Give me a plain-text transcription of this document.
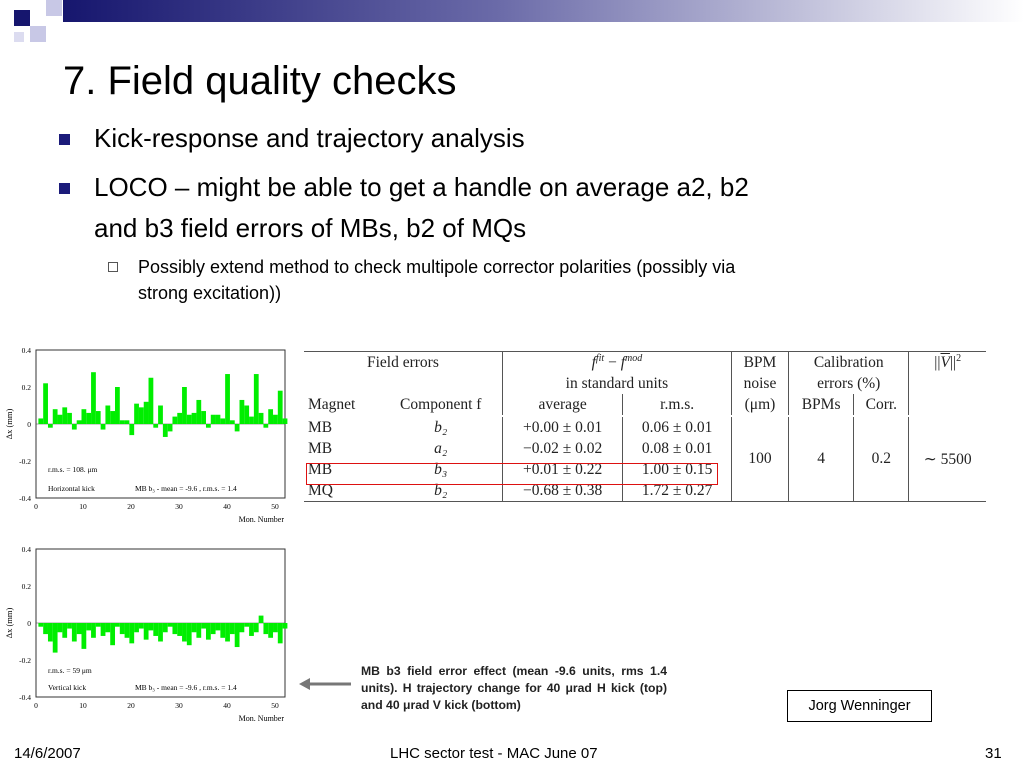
7. Field quality checks
Kick-response and trajectory analysis
LOCO – might be able to get a handle on average a2, b2
and b3 field errors of MBs, b2 of MQs
Possibly extend method to check multipole corrector polarities (possibly via
strong excitation))
Δx (mm)
0.4
0.2
0
-0.2
-0.4
0	10	20	30	40	50
Mon. Number
r.m.s. = 108. μm
Horizontal kick	MB b₃ - mean = -9.6 , r.m.s. = 1.4
Δx (mm)
0.4
0.2
0
-0.2
-0.4
0	10	20	30	40	50
Mon. Number
r.m.s. = 59 μm
Vertical kick	MB b₃ - mean = -9.6 , r.m.s. = 1.4
Field errors		$f^{fit} - f^{mod}$		BPM	Calibration		$||\overline{V}||^2$
		in standard units		noise	errors (%)		
Magnet	Component f	average	r.m.s.	(μm)	BPMs	Corr.	
MB	b₂	+0.00 ± 0.01	0.06 ± 0.01	100	4	0.2	∼ 5500
MB	a₂	−0.02 ± 0.02	0.08 ± 0.01				
MB	b₃	+0.01 ± 0.22	1.00 ± 0.15				
MQ	b₂	−0.68 ± 0.38	1.72 ± 0.27				
MB b3 field error effect (mean -9.6 units, rms 1.4 units). H trajectory change for 40 μrad H kick (top) and 40 μrad V kick (bottom)	Jorg Wenninger
14/6/2007	LHC sector test - MAC June 07	31
